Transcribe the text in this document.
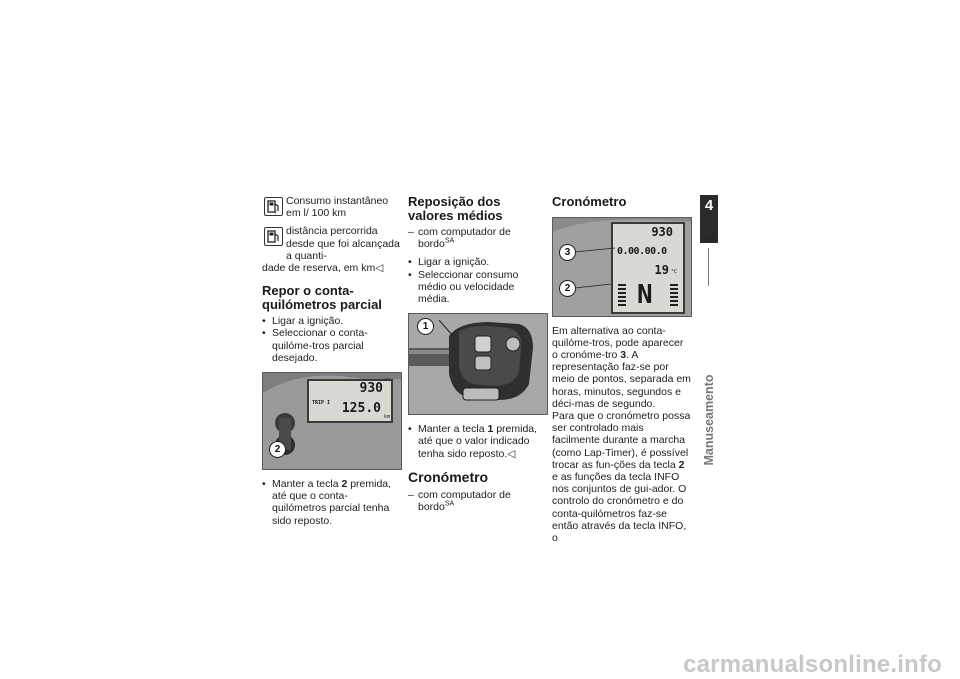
/

Consumo instantâneo em l/ 100 km

distância percorrida desde que foi alcançada a quanti-

dade de reserva, em km◁

Repor o conta-quilómetros parcial
• Ligar a ignição.
• Seleccionar o conta-quilóme-tros parcial desejado.
930
TRIP I 125.0
km
2
• Manter a tecla 2 premida, até que o conta-quilómetros parcial tenha sido reposto.
Reposição dos valores médios

– com computador de bordo$^{SA}$

• Ligar a ignição.
• Seleccionar consumo médio ou velocidade média.
1
• Manter a tecla 1 premida, até que o valor indicado tenha sido reposto.◁
Cronómetro

– com computador de bordo$^{SA}$

Cronómetro
930
0.00.00.0
19 °C
N
3
2

Em alternativa ao conta-quilóme-tros, pode aparecer o cronóme-tro 3. A representação faz-se por meio de pontos, separada em horas, minutos, segundos e déci-mas de segundo.

Para que o cronómetro possa ser controlado mais facilmente durante a marcha (como Lap-Timer), é possível trocar as fun-ções da tecla 2 e as funções da tecla INFO nos conjuntos de gui-ador. O controlo do cronómetro e do conta-quilómetros faz-se então através da tecla INFO, o

4
39
Manuseamento
carmanualsonline.info
